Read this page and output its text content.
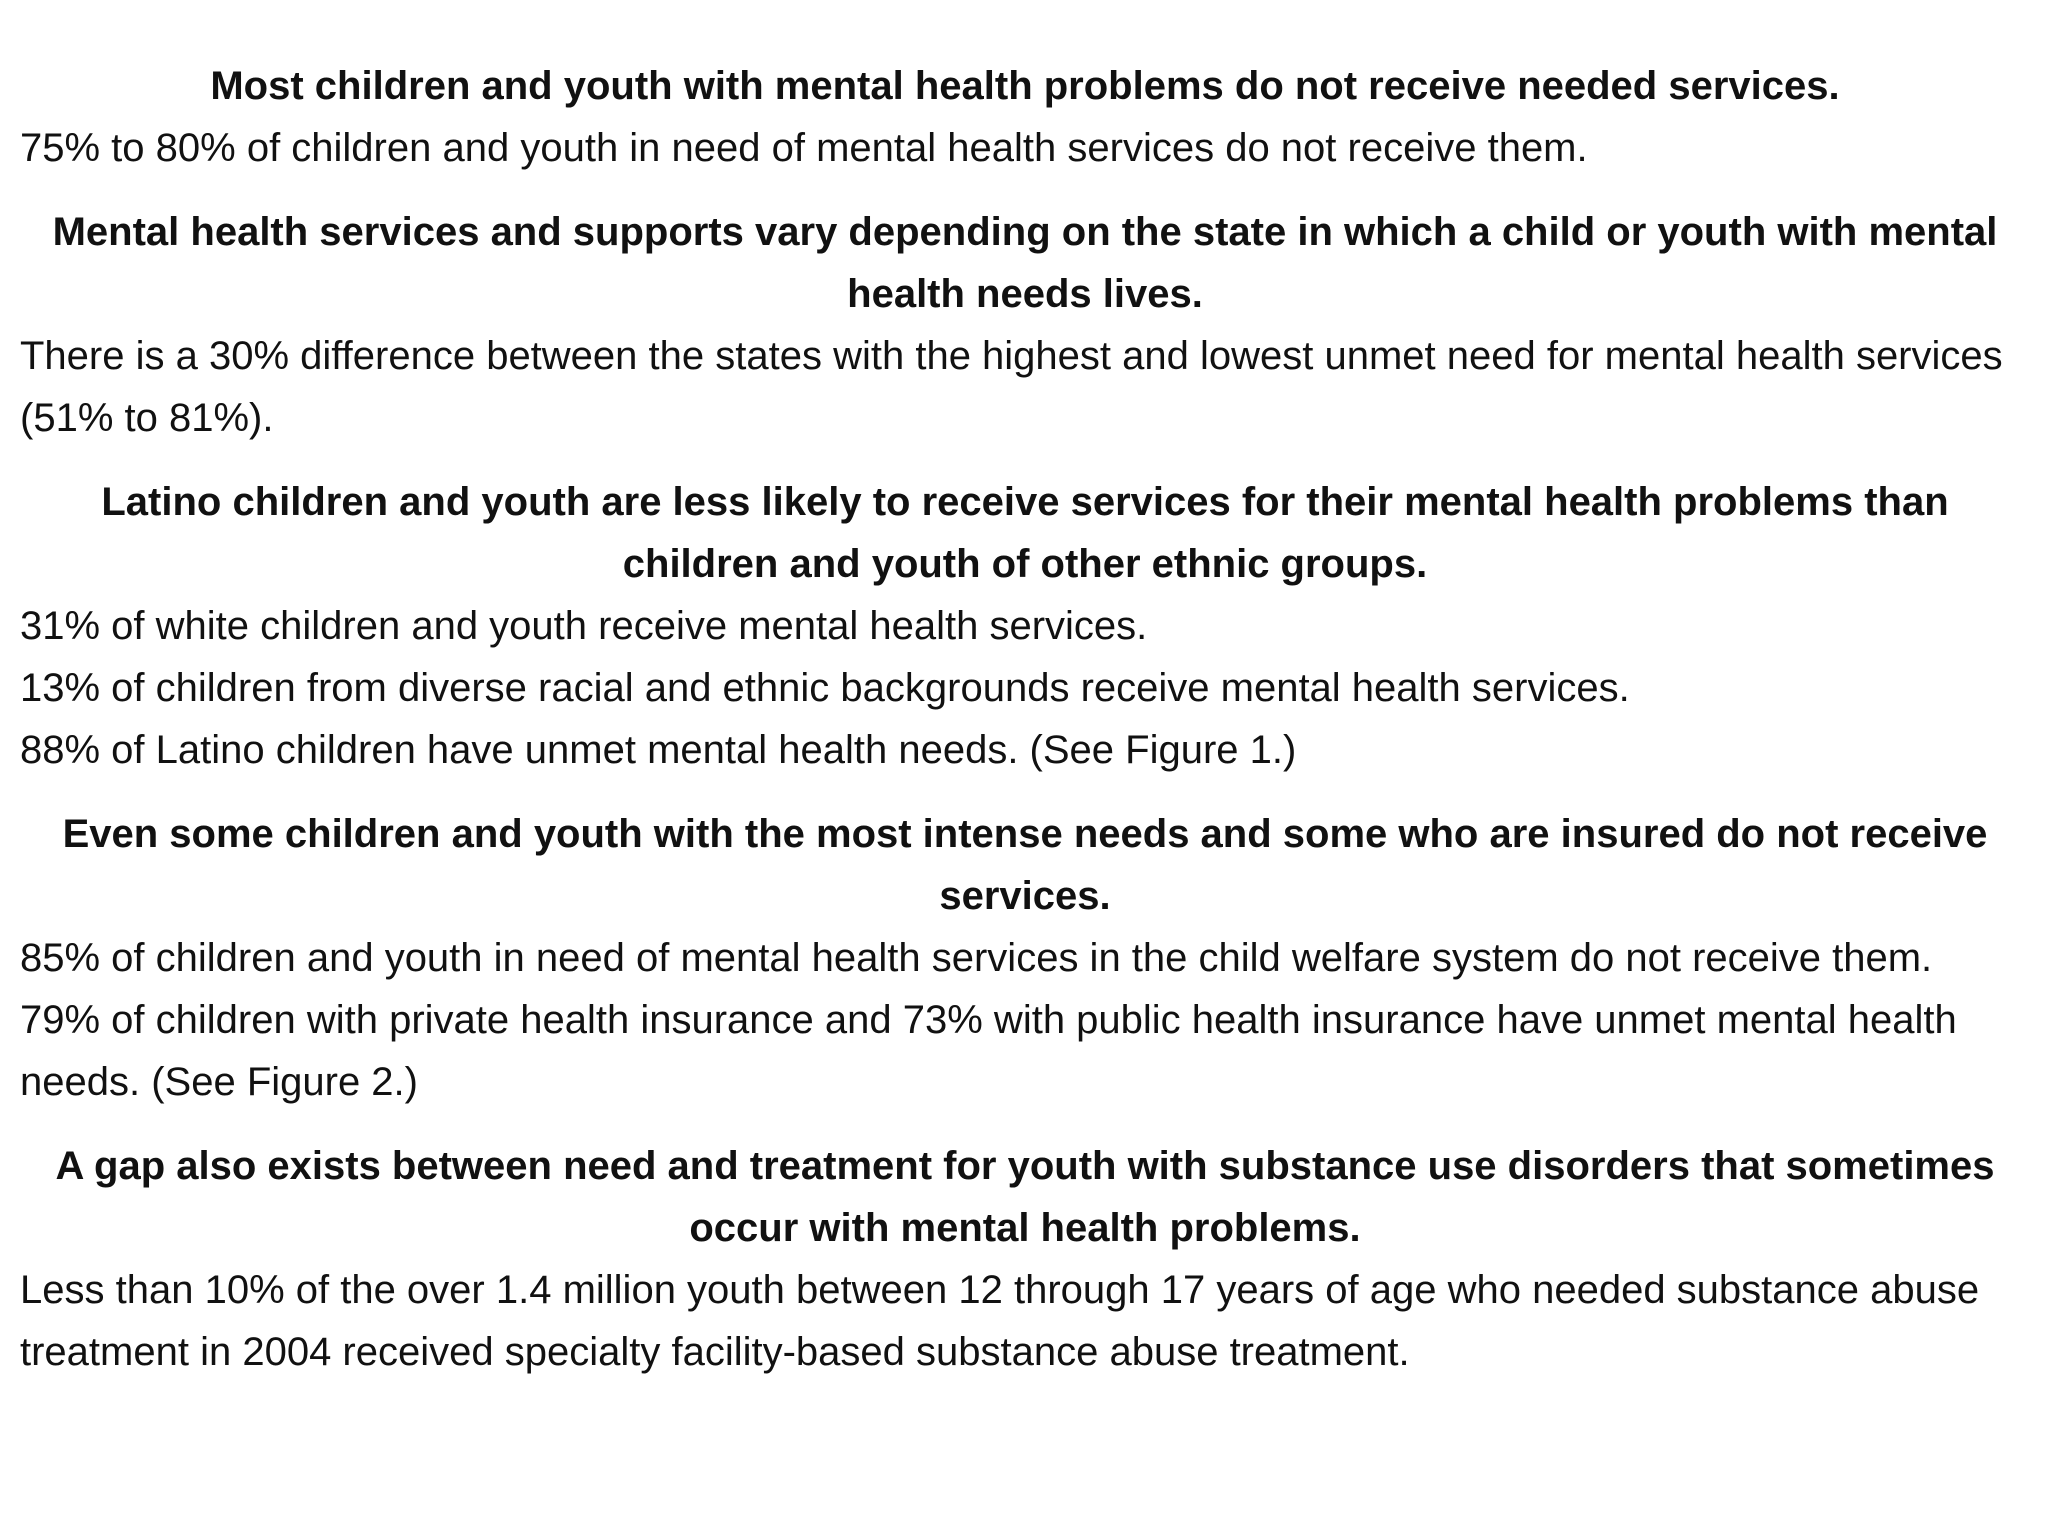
Most children and youth with mental health problems do not receive needed services.

75% to 80% of children and youth in need of mental health services do not receive them.

Mental health services and supports vary depending on the state in which a child or youth with mental health needs lives.

There is a 30% difference between the states with the highest and lowest unmet need for mental health services (51% to 81%).

Latino children and youth are less likely to receive services for their mental health problems than children and youth of other ethnic groups.

31% of white children and youth receive mental health services.

13% of children from diverse racial and ethnic backgrounds receive mental health services.

88% of Latino children have unmet mental health needs. (See Figure 1.)

Even some children and youth with the most intense needs and some who are insured do not receive services.

85% of children and youth in need of mental health services in the child welfare system do not receive them.

79% of children with private health insurance and 73% with public health insurance have unmet mental health needs. (See Figure 2.)

A gap also exists between need and treatment for youth with substance use disorders that sometimes occur with mental health problems.

Less than 10% of the over 1.4 million youth between 12 through 17 years of age who needed substance abuse treatment in 2004 received specialty facility-based substance abuse treatment.
